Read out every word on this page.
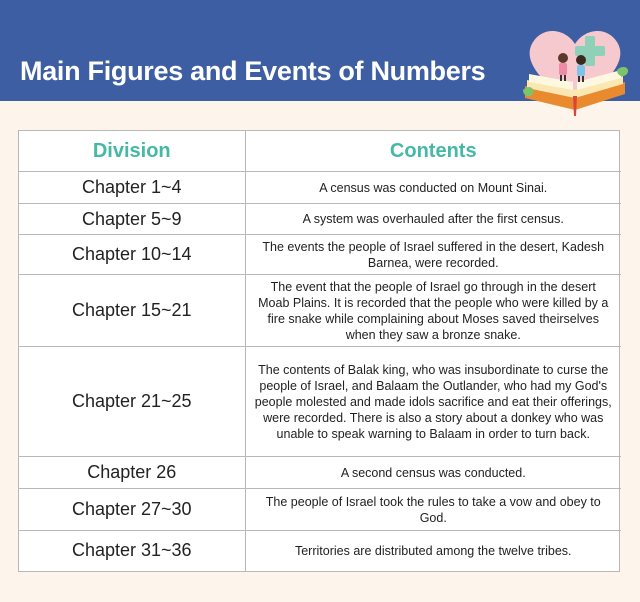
Main Figures and Events of Numbers
Division	Contents
Chapter 1~4	A census was conducted on Mount Sinai.
Chapter 5~9	A system was overhauled after the first census.
Chapter 10~14	The events the people of Israel suffered in the desert, Kadesh Barnea, were recorded.
Chapter 15~21	The event that the people of Israel go through in the desert Moab Plains. It is recorded that the people who were killed by a fire snake while complaining about Moses saved theirselves when they saw a bronze snake.
Chapter 21~25	The contents of Balak king, who was insubordinate to curse the people of Israel, and Balaam the Outlander, who had my God's people molested and made idols sacrifice and eat their offerings, were recorded. There is also a story about a donkey who was unable to speak warning to Balaam in order to turn back.
Chapter 26	A second census was conducted.
Chapter 27~30	The people of Israel took the rules to take a vow and obey to God.
Chapter 31~36	Territories are distributed among the twelve tribes.
